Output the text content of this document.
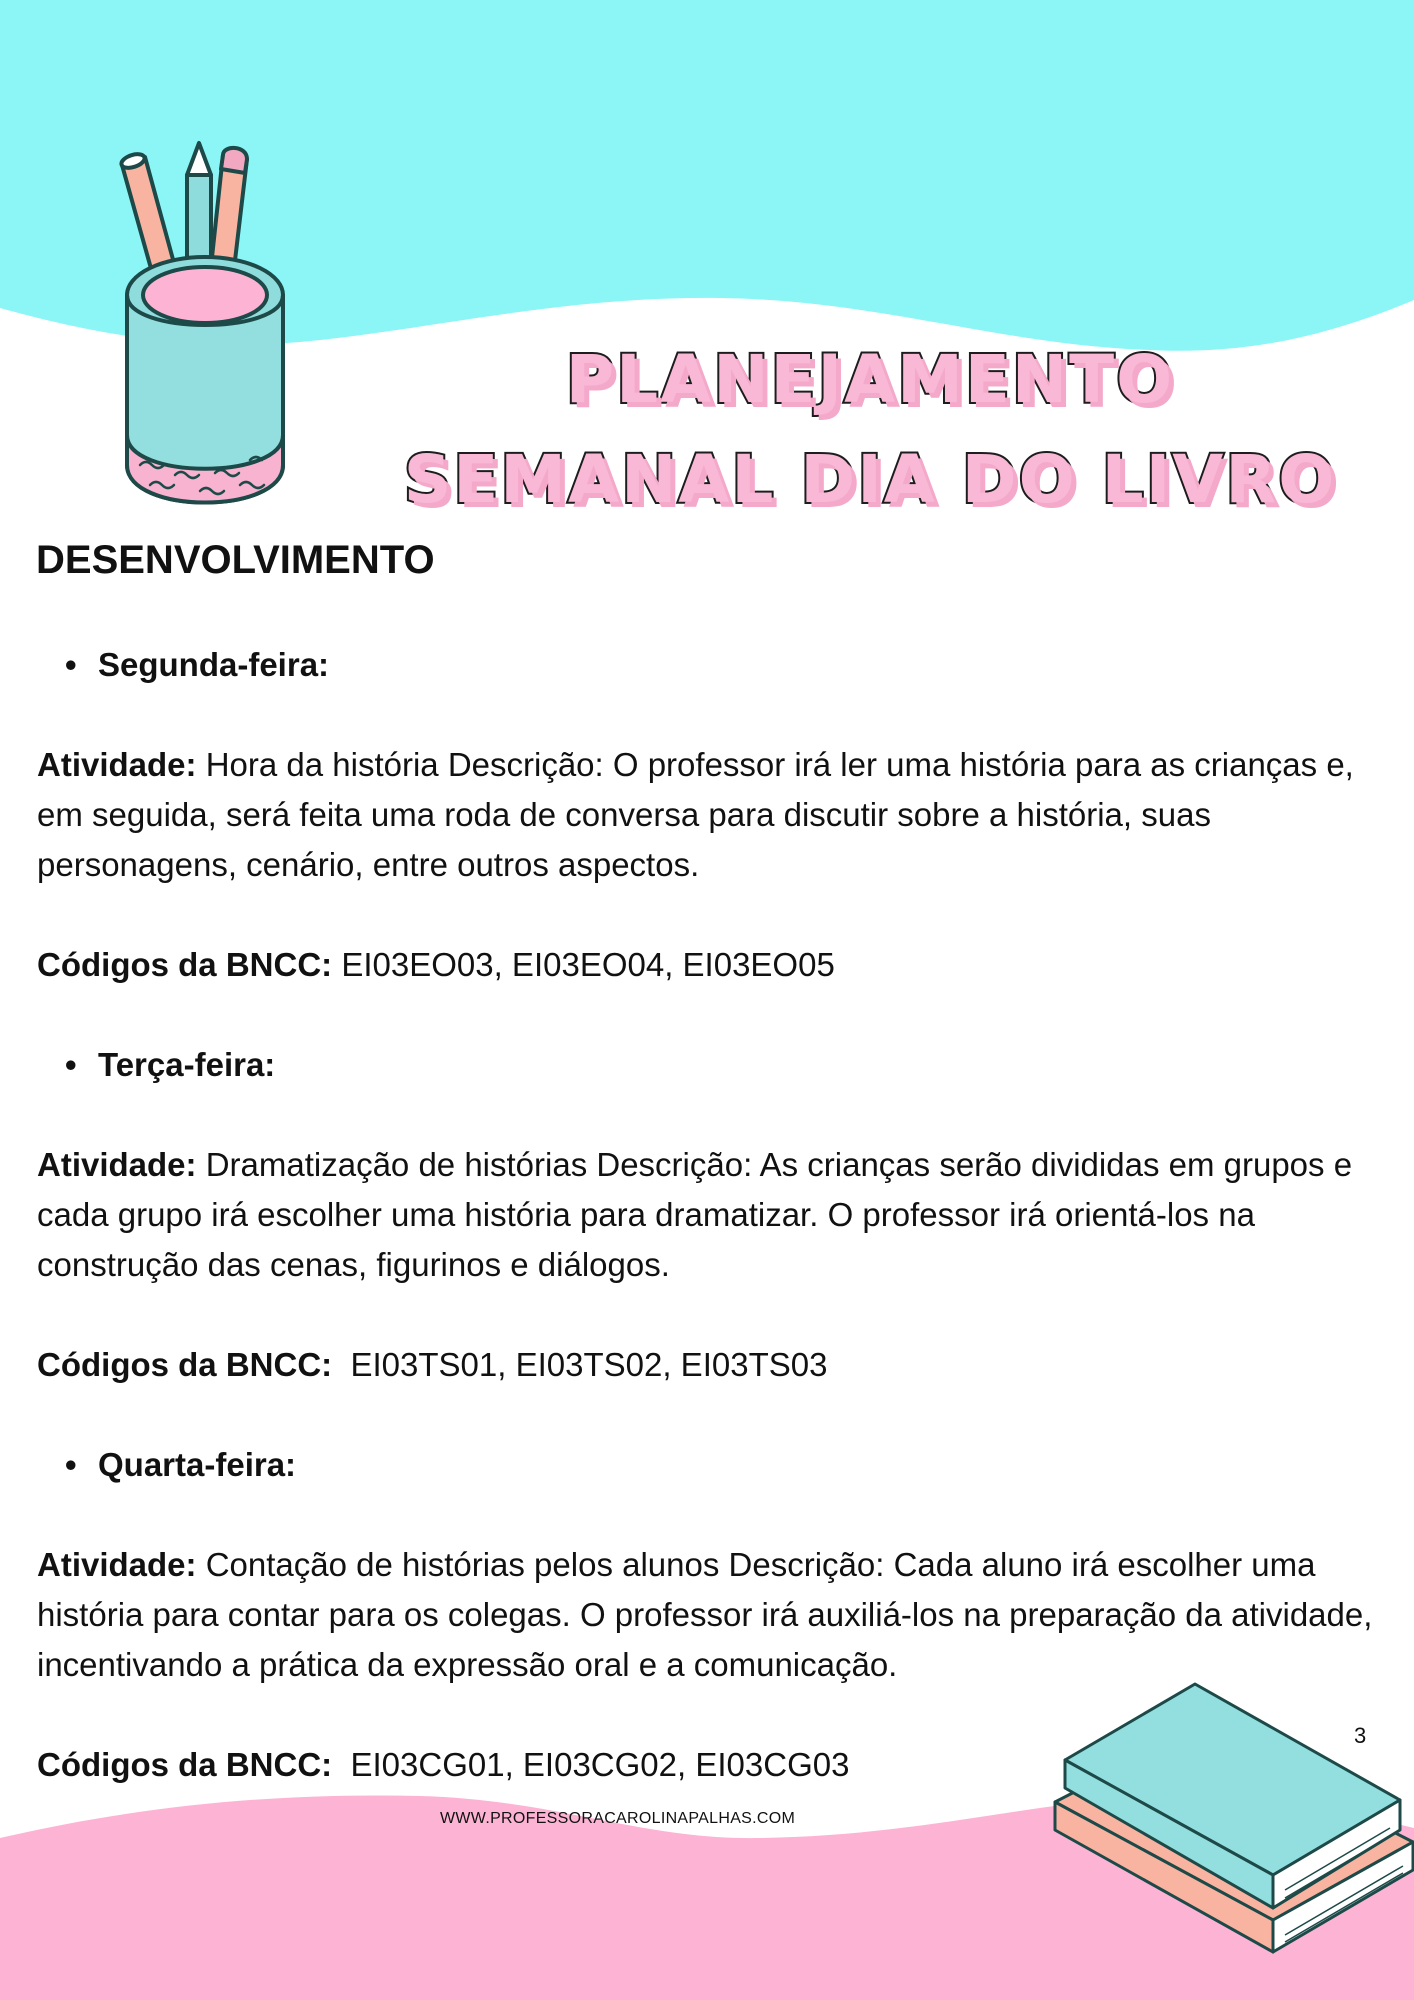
PLANEJAMENTO
SEMANAL DIA DO LIVRO
DESENVOLVIMENTO
• Segunda-feira:

Atividade: Hora da história Descrição: O professor irá ler uma história para as crianças e, em seguida, será feita uma roda de conversa para discutir sobre a história, suas personagens, cenário, entre outros aspectos.

Códigos da BNCC: EI03EO03, EI03EO04, EI03EO05

• Terça-feira:

Atividade: Dramatização de histórias Descrição: As crianças serão divididas em grupos e cada grupo irá escolher uma história para dramatizar. O professor irá orientá-los na construção das cenas, figurinos e diálogos.

Códigos da BNCC:  EI03TS01, EI03TS02, EI03TS03

• Quarta-feira:

Atividade: Contação de histórias pelos alunos Descrição: Cada aluno irá escolher uma história para contar para os colegas. O professor irá auxiliá-los na preparação da atividade, incentivando a prática da expressão oral e a comunicação.

Códigos da BNCC:  EI03CG01, EI03CG02, EI03CG03

WWW.PROFESSORACAROLINAPALHAS.COM
3
